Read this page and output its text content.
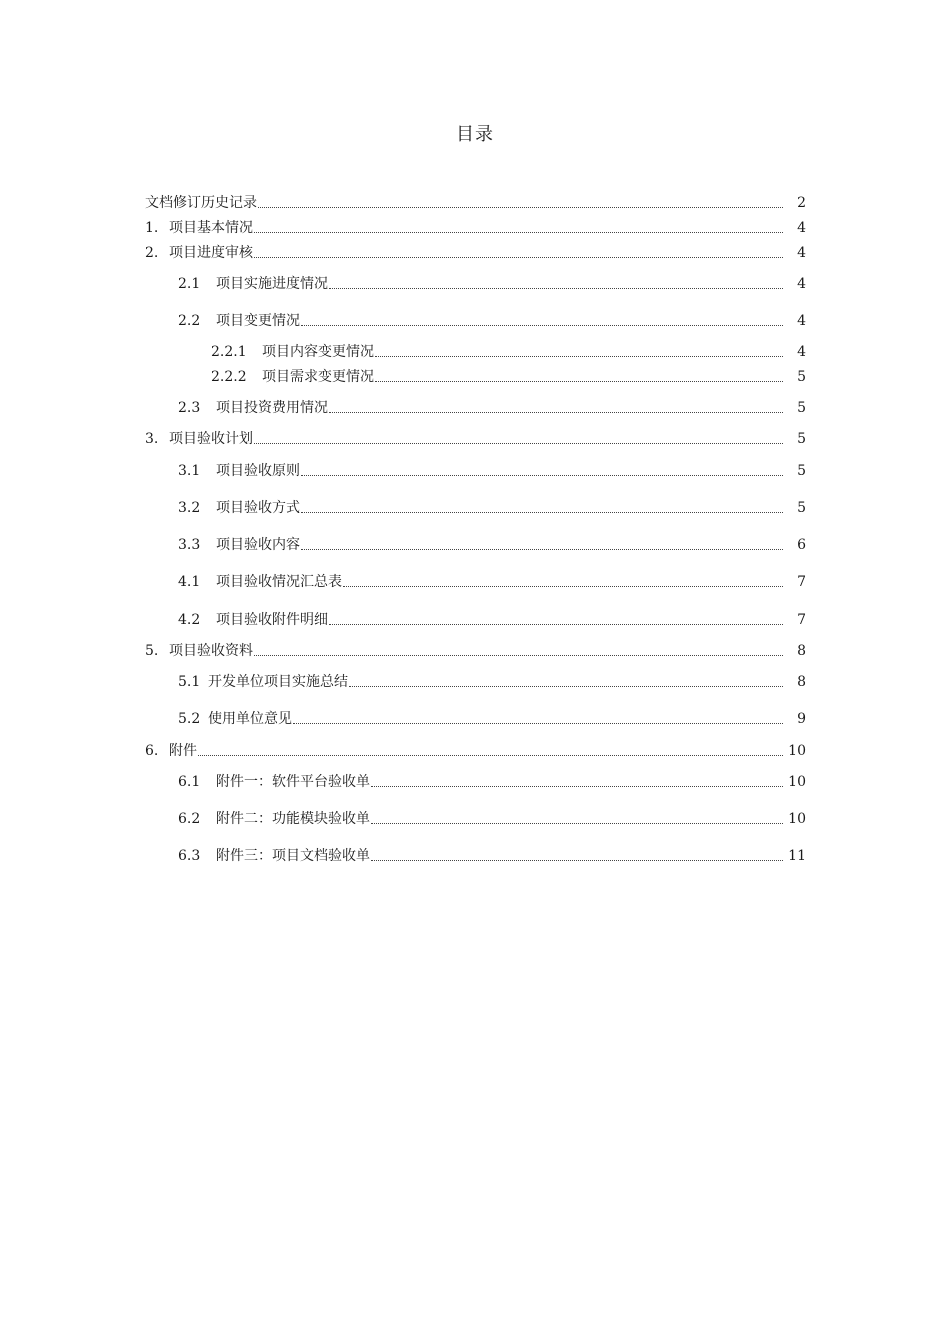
目录
文档修订历史记录	2
1. 项目基本情况	4
2. 项目进度审核	4
2.1 项目实施进度情况	4
2.2 项目变更情况	4
2.2.1 项目内容变更情况	4
2.2.2 项目需求变更情况	5
2.3 项目投资费用情况	5
3. 项目验收计划	5
3.1 项目验收原则	5
3.2 项目验收方式	5
3.3 项目验收内容	6
4.1 项目验收情况汇总表	7
4.2 项目验收附件明细	7
5. 项目验收资料	8
5.1 开发单位项目实施总结	8
5.2 使用单位意见	9
6. 附件	10
6.1 附件一：软件平台验收单	10
6.2 附件二：功能模块验收单	10
6.3 附件三：项目文档验收单	11
